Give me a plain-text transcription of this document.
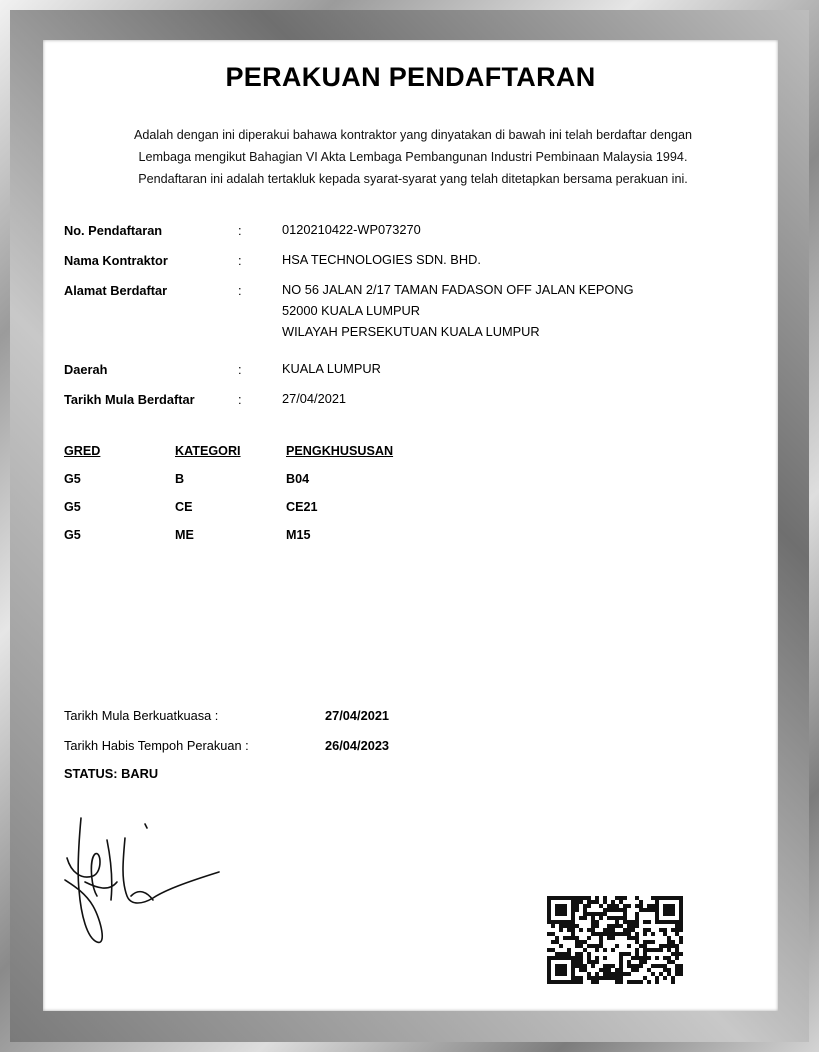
PERAKUAN PENDAFTARAN
Adalah dengan ini diperakui bahawa kontraktor yang dinyatakan di bawah ini telah berdaftar dengan
Lembaga mengikut Bahagian VI Akta Lembaga Pembangunan Industri Pembinaan Malaysia 1994.
Pendaftaran ini adalah tertakluk kepada syarat-syarat yang telah ditetapkan bersama perakuan ini.
No. Pendaftaran	:	0120210422-WP073270
Nama Kontraktor	:	HSA TECHNOLOGIES SDN. BHD.
Alamat Berdaftar	:	NO 56 JALAN 2/17 TAMAN FADASON OFF JALAN KEPONG
52000 KUALA LUMPUR
WILAYAH PERSEKUTUAN KUALA LUMPUR
Daerah	:	KUALA LUMPUR
Tarikh Mula Berdaftar	:	27/04/2021
GRED	KATEGORI	PENGKHUSUSAN
G5	B	B04
G5	CE	CE21
G5	ME	M15
Tarikh Mula Berkuatkuasa :	27/04/2021
Tarikh Habis Tempoh Perakuan :	26/04/2023
STATUS: BARU
